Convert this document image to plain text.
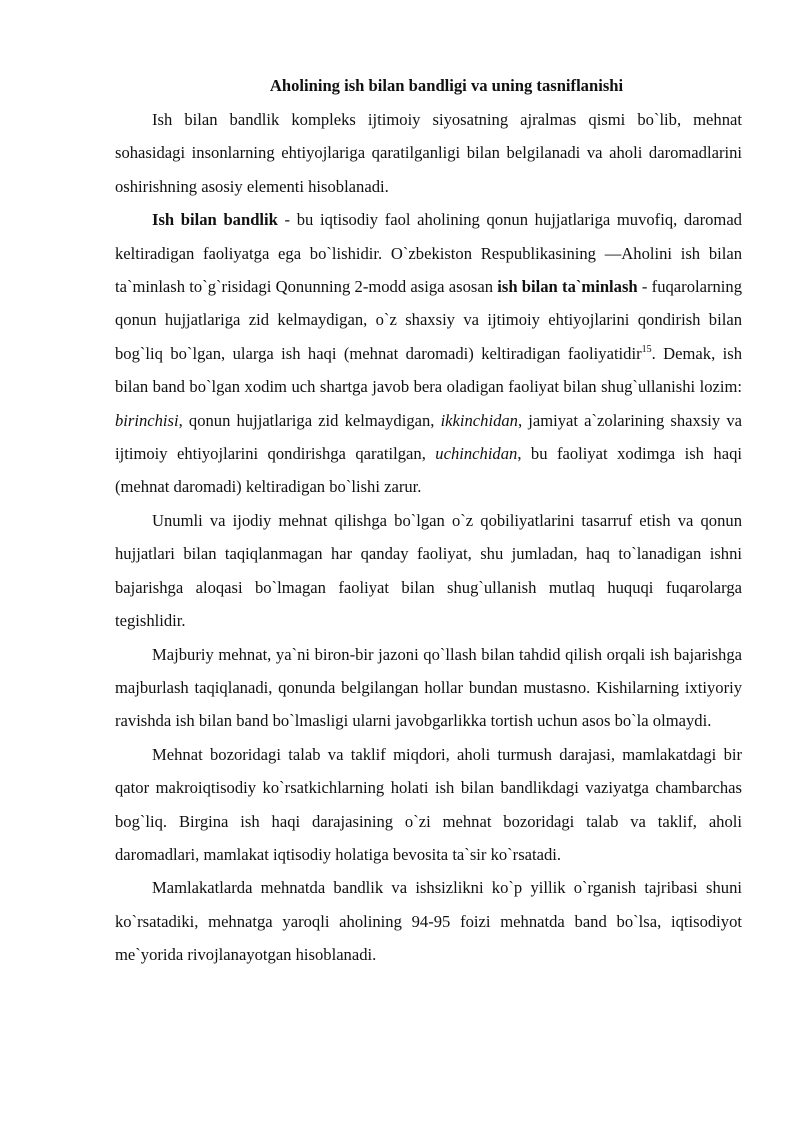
Aholining ish bilan bandligi va uning tasniflanishi

Ish bilan bandlik kompleks ijtimoiy siyosatning ajralmas qismi bo`lib, mehnat sohasidagi insonlarning ehtiyojlariga qaratilganligi bilan belgilanadi va aholi daromadlarini oshirishning asosiy elementi hisoblanadi.

Ish bilan bandlik - bu iqtisodiy faol aholining qonun hujjatlariga muvofiq, daromad keltiradigan faoliyatga ega bo`lishidir. O`zbekiston Respublikasining ―Aholini ish bilan ta`minlash to`g`risidagi Qonunning 2-modd asiga asosan ish bilan ta`minlash - fuqarolarning qonun hujjatlariga zid kelmaydigan, o`z shaxsiy va ijtimoiy ehtiyojlarini qondirish bilan bog`liq bo`lgan, ularga ish haqi (mehnat daromadi) keltiradigan faoliyatidir$^{15}$. Demak, ish bilan band bo`lgan xodim uch shartga javob bera oladigan faoliyat bilan shug`ullanishi lozim: birinchisi, qonun hujjatlariga zid kelmaydigan, ikkinchidan, jamiyat a`zolarining shaxsiy va ijtimoiy ehtiyojlarini qondirishga qaratilgan, uchinchidan, bu faoliyat xodimga ish haqi (mehnat daromadi) keltiradigan bo`lishi zarur.

Unumli va ijodiy mehnat qilishga bo`lgan o`z qobiliyatlarini tasarruf etish va qonun hujjatlari bilan taqiqlanmagan har qanday faoliyat, shu jumladan, haq to`lanadigan ishni bajarishga aloqasi bo`lmagan faoliyat bilan shug`ullanish mutlaq huquqi fuqarolarga tegishlidir.

Majburiy mehnat, ya`ni biron-bir jazoni qo`llash bilan tahdid qilish orqali ish bajarishga majburlash taqiqlanadi, qonunda belgilangan hollar bundan mustasno. Kishilarning ixtiyoriy ravishda ish bilan band bo`lmasligi ularni javobgarlikka tortish uchun asos bo`la olmaydi.

Mehnat bozoridagi talab va taklif miqdori, aholi turmush darajasi, mamlakatdagi bir qator makroiqtisodiy ko`rsatkichlarning holati ish bilan bandlikdagi vaziyatga chambarchas bog`liq. Birgina ish haqi darajasining o`zi mehnat bozoridagi talab va taklif, aholi daromadlari, mamlakat iqtisodiy holatiga bevosita ta`sir ko`rsatadi.

Mamlakatlarda mehnatda bandlik va ishsizlikni ko`p yillik o`rganish tajribasi shuni ko`rsatadiki, mehnatga yaroqli aholining 94-95 foizi mehnatda band bo`lsa, iqtisodiyot me`yorida rivojlanayotgan hisoblanadi.
